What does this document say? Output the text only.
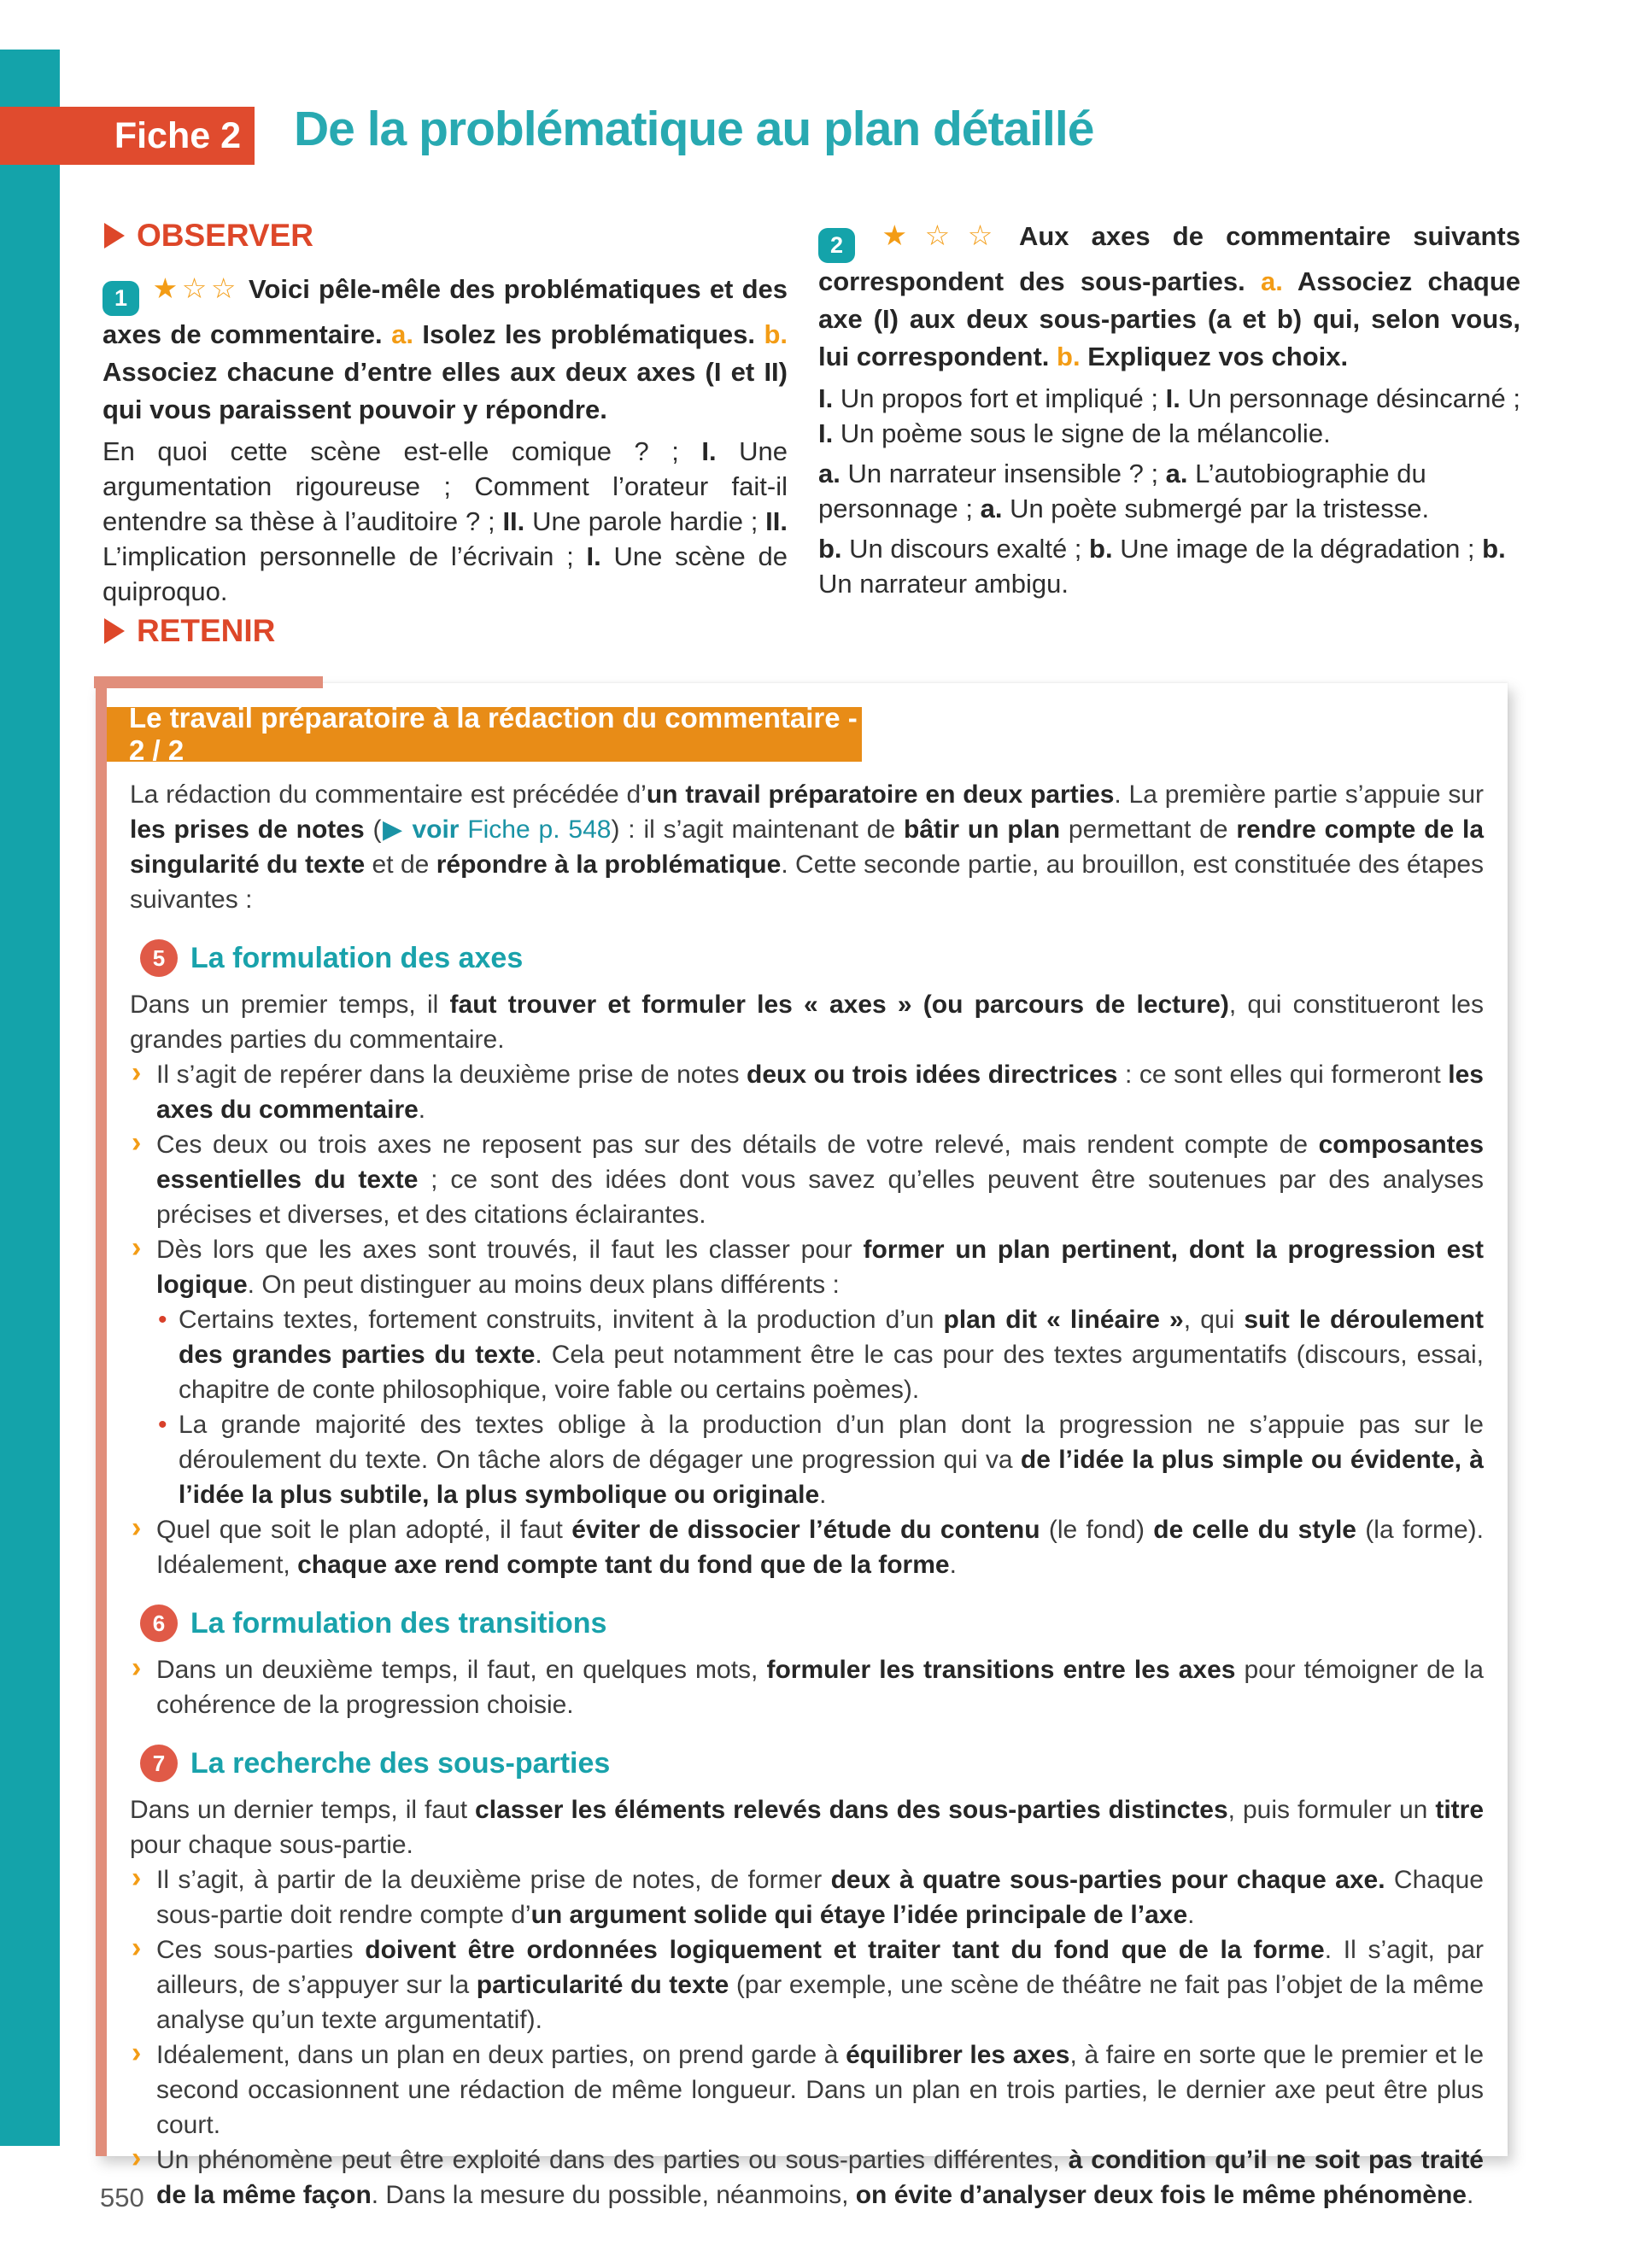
Fiche 2 De la problématique au plan détaillé
OBSERVER

1 ★☆☆ Voici pêle-mêle des problématiques et des axes de commentaire. a. Isolez les problématiques. b. Associez chacune d’entre elles aux deux axes (I et II) qui vous paraissent pouvoir y répondre.

En quoi cette scène est-elle comique ? ; I. Une argumentation rigoureuse ; Comment l’orateur fait-il entendre sa thèse à l’auditoire ? ; II. Une parole hardie ; II. L’implication personnelle de l’écrivain ; I. Une scène de quiproquo.

2 ★☆☆ Aux axes de commentaire suivants correspondent des sous-parties. a. Associez chaque axe (I) aux deux sous-parties (a et b) qui, selon vous, lui correspondent. b. Expliquez vos choix.

I. Un propos fort et impliqué ; I. Un personnage désincarné ; I. Un poème sous le signe de la mélancolie.

a. Un narrateur insensible ? ; a. L’autobiographie du personnage ; a. Un poète submergé par la tristesse.

b. Un discours exalté ; b. Une image de la dégradation ; b. Un narrateur ambigu.

RETENIR
Le travail préparatoire à la rédaction du commentaire - 2 / 2

La rédaction du commentaire est précédée d’un travail préparatoire en deux parties. La première partie s’appuie sur les prises de notes (▶ voir Fiche p. 548) : il s’agit maintenant de bâtir un plan permettant de rendre compte de la singularité du texte et de répondre à la problématique. Cette seconde partie, au brouillon, est constituée des étapes suivantes :

5 La formulation des axes

Dans un premier temps, il faut trouver et formuler les « axes » (ou parcours de lecture), qui constitueront les grandes parties du commentaire.

› Il s’agit de repérer dans la deuxième prise de notes deux ou trois idées directrices : ce sont elles qui formeront les axes du commentaire.

› Ces deux ou trois axes ne reposent pas sur des détails de votre relevé, mais rendent compte de composantes essentielles du texte ; ce sont des idées dont vous savez qu’elles peuvent être soutenues par des analyses précises et diverses, et des citations éclairantes.

› Dès lors que les axes sont trouvés, il faut les classer pour former un plan pertinent, dont la progression est logique. On peut distinguer au moins deux plans différents :

• Certains textes, fortement construits, invitent à la production d’un plan dit « linéaire », qui suit le déroulement des grandes parties du texte. Cela peut notamment être le cas pour des textes argumentatifs (discours, essai, chapitre de conte philosophique, voire fable ou certains poèmes).

• La grande majorité des textes oblige à la production d’un plan dont la progression ne s’appuie pas sur le déroulement du texte. On tâche alors de dégager une progression qui va de l’idée la plus simple ou évidente, à l’idée la plus subtile, la plus symbolique ou originale.

› Quel que soit le plan adopté, il faut éviter de dissocier l’étude du contenu (le fond) de celle du style (la forme). Idéalement, chaque axe rend compte tant du fond que de la forme.

6 La formulation des transitions

› Dans un deuxième temps, il faut, en quelques mots, formuler les transitions entre les axes pour témoigner de la cohérence de la progression choisie.

7 La recherche des sous-parties

Dans un dernier temps, il faut classer les éléments relevés dans des sous-parties distinctes, puis formuler un titre pour chaque sous-partie.

› Il s’agit, à partir de la deuxième prise de notes, de former deux à quatre sous-parties pour chaque axe. Chaque sous-partie doit rendre compte d’un argument solide qui étaye l’idée principale de l’axe.

› Ces sous-parties doivent être ordonnées logiquement et traiter tant du fond que de la forme. Il s’agit, par ailleurs, de s’appuyer sur la particularité du texte (par exemple, une scène de théâtre ne fait pas l’objet de la même analyse qu’un texte argumentatif).

› Idéalement, dans un plan en deux parties, on prend garde à équilibrer les axes, à faire en sorte que le premier et le second occasionnent une rédaction de même longueur. Dans un plan en trois parties, le dernier axe peut être plus court.

› Un phénomène peut être exploité dans des parties ou sous-parties différentes, à condition qu’il ne soit pas traité de la même façon. Dans la mesure du possible, néanmoins, on évite d’analyser deux fois le même phénomène.

550
